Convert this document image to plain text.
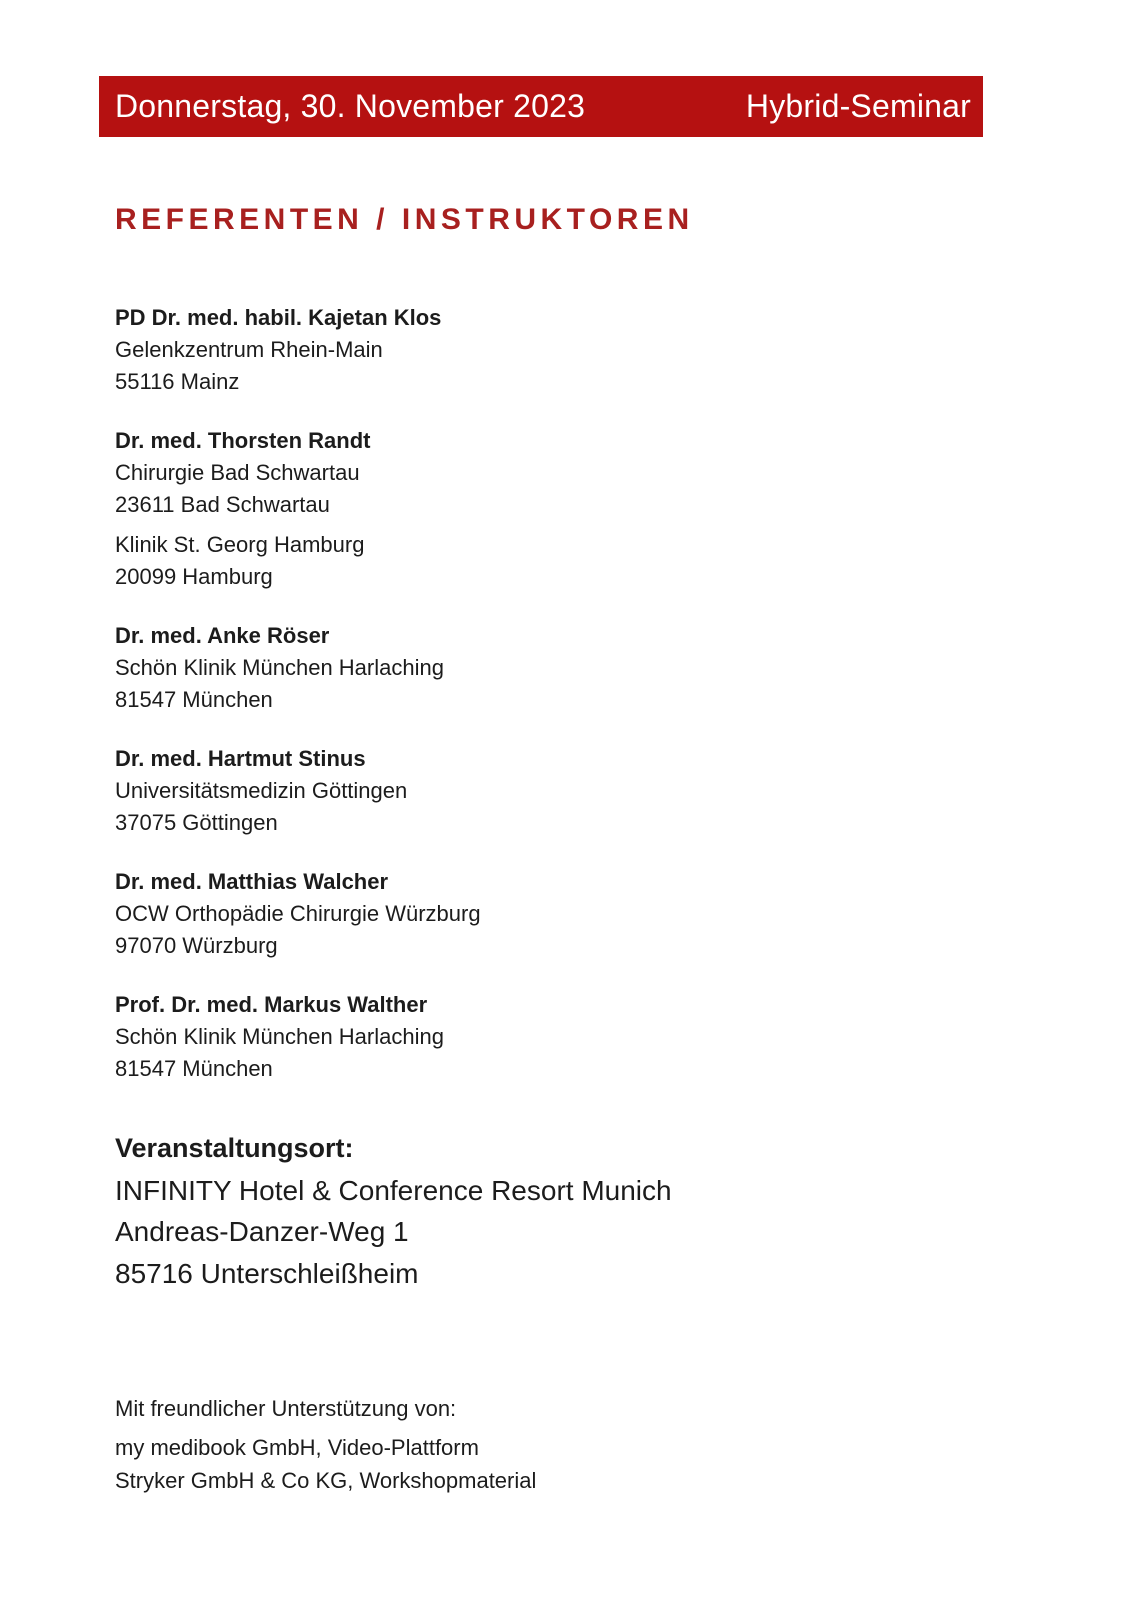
Donnerstag, 30. November 2023	Hybrid-Seminar
REFERENTEN / INSTRUKTOREN
PD Dr. med. habil. Kajetan Klos
Gelenkzentrum Rhein-Main
55116 Mainz
Dr. med. Thorsten Randt
Chirurgie Bad Schwartau
23611 Bad Schwartau
Klinik St. Georg Hamburg
20099 Hamburg
Dr. med. Anke Röser
Schön Klinik München Harlaching
81547 München
Dr. med. Hartmut Stinus
Universitätsmedizin Göttingen
37075 Göttingen
Dr. med. Matthias Walcher
OCW Orthopädie Chirurgie Würzburg
97070 Würzburg
Prof. Dr. med. Markus Walther
Schön Klinik München Harlaching
81547 München
Veranstaltungsort:
INFINITY Hotel & Conference Resort Munich
Andreas-Danzer-Weg 1
85716 Unterschleißheim
Mit freundlicher Unterstützung von:
my medibook GmbH, Video-Plattform
Stryker GmbH & Co KG, Workshopmaterial
